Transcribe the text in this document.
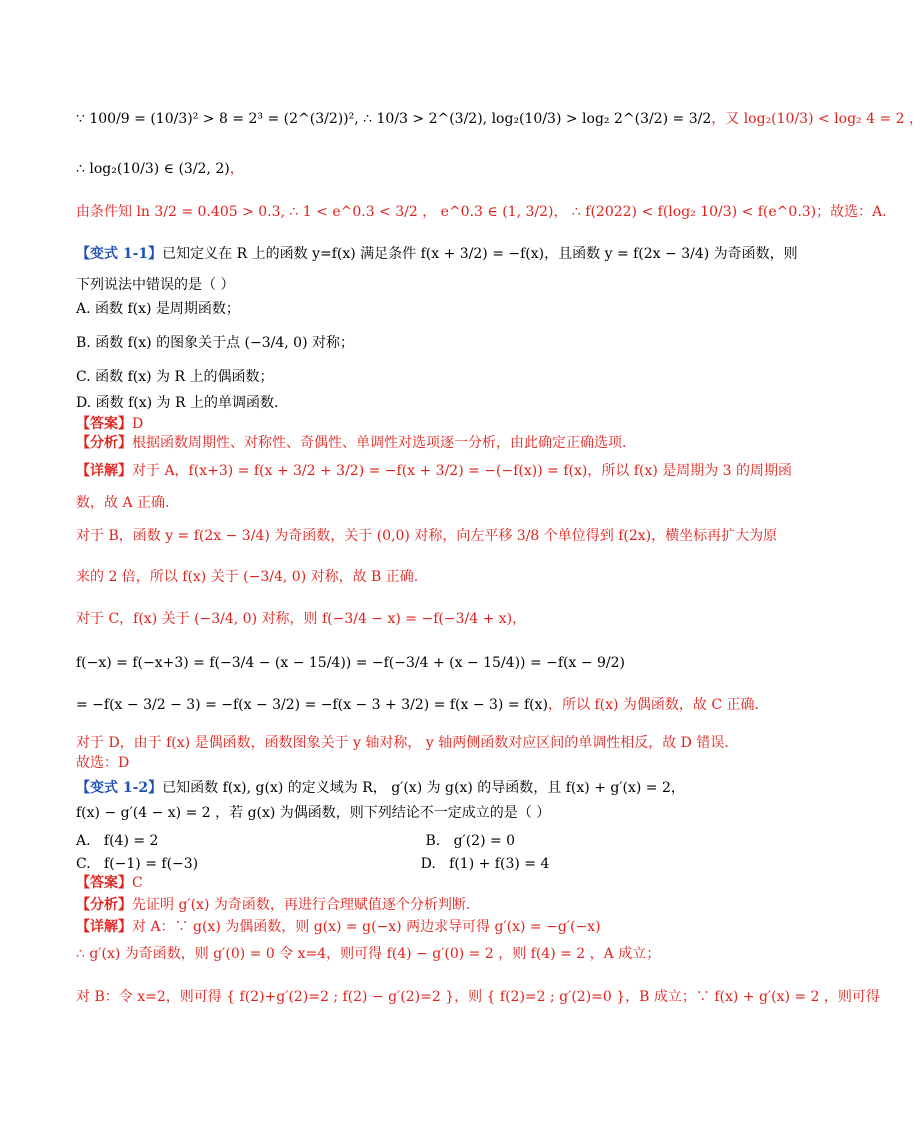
∵ 100/9 = (10/3)² > 8 = 2³ = (2^(3/2))², ∴ 10/3 > 2^(3/2), log₂(10/3) > log₂ 2^(3/2) = 3/2，又 log₂(10/3) < log₂ 4 = 2 ，
∴ log₂(10/3) ∈ (3/2, 2)，
由条件知 ln 3/2 = 0.405 > 0.3, ∴ 1 < e^0.3 < 3/2 ， e^0.3 ∈ (1, 3/2)， ∴ f(2022) < f(log₂ 10/3) < f(e^0.3)；故选：A.
【变式 1-1】已知定义在 R 上的函数 y=f(x) 满足条件 f(x + 3/2) = −f(x)，且函数 y = f(2x − 3/4) 为奇函数，则
下列说法中错误的是（ ）
A. 函数 f(x) 是周期函数；
B. 函数 f(x) 的图象关于点 (−3/4, 0) 对称；
C. 函数 f(x) 为 R 上的偶函数；
D. 函数 f(x) 为 R 上的单调函数.
【答案】D
【分析】根据函数周期性、对称性、奇偶性、单调性对选项逐一分析，由此确定正确选项.
【详解】对于 A，f(x+3) = f(x + 3/2 + 3/2) = −f(x + 3/2) = −(−f(x)) = f(x)，所以 f(x) 是周期为 3 的周期函
数，故 A 正确.
对于 B，函数 y = f(2x − 3/4) 为奇函数，关于 (0,0) 对称，向左平移 3/8 个单位得到 f(2x)，横坐标再扩大为原
来的 2 倍，所以 f(x) 关于 (−3/4, 0) 对称，故 B 正确.
对于 C，f(x) 关于 (−3/4, 0) 对称，则 f(−3/4 − x) = −f(−3/4 + x)，
f(−x) = f(−x+3) = f(−3/4 − (x − 15/4)) = −f(−3/4 + (x − 15/4)) = −f(x − 9/2)
= −f(x − 3/2 − 3) = −f(x − 3/2) = −f(x − 3 + 3/2) = f(x − 3) = f(x)，所以 f(x) 为偶函数，故 C 正确.
对于 D，由于 f(x) 是偶函数，函数图象关于 y 轴对称， y 轴两侧函数对应区间的单调性相反，故 D 错误.
故选：D
【变式 1-2】已知函数 f(x), g(x) 的定义域为 R， g′(x) 为 g(x) 的导函数，且 f(x) + g′(x) = 2，
f(x) − g′(4 − x) = 2 ，若 g(x) 为偶函数，则下列结论不一定成立的是（ ）
A.   f(4) = 2                                                            B.   g′(2) = 0
C.   f(−1) = f(−3)                                                  D.   f(1) + f(3) = 4
【答案】C
【分析】先证明 g′(x) 为奇函数，再进行合理赋值逐个分析判断.
【详解】对 A：∵ g(x) 为偶函数，则 g(x) = g(−x) 两边求导可得 g′(x) = −g′(−x)
∴ g′(x) 为奇函数，则 g′(0) = 0 令 x=4，则可得 f(4) − g′(0) = 2 ，则 f(4) = 2 ，A 成立；
对 B：令 x=2，则可得 { f(2)+g′(2)=2 ; f(2) − g′(2)=2 }，则 { f(2)=2 ; g′(2)=0 }，B 成立；∵ f(x) + g′(x) = 2 ，则可得
